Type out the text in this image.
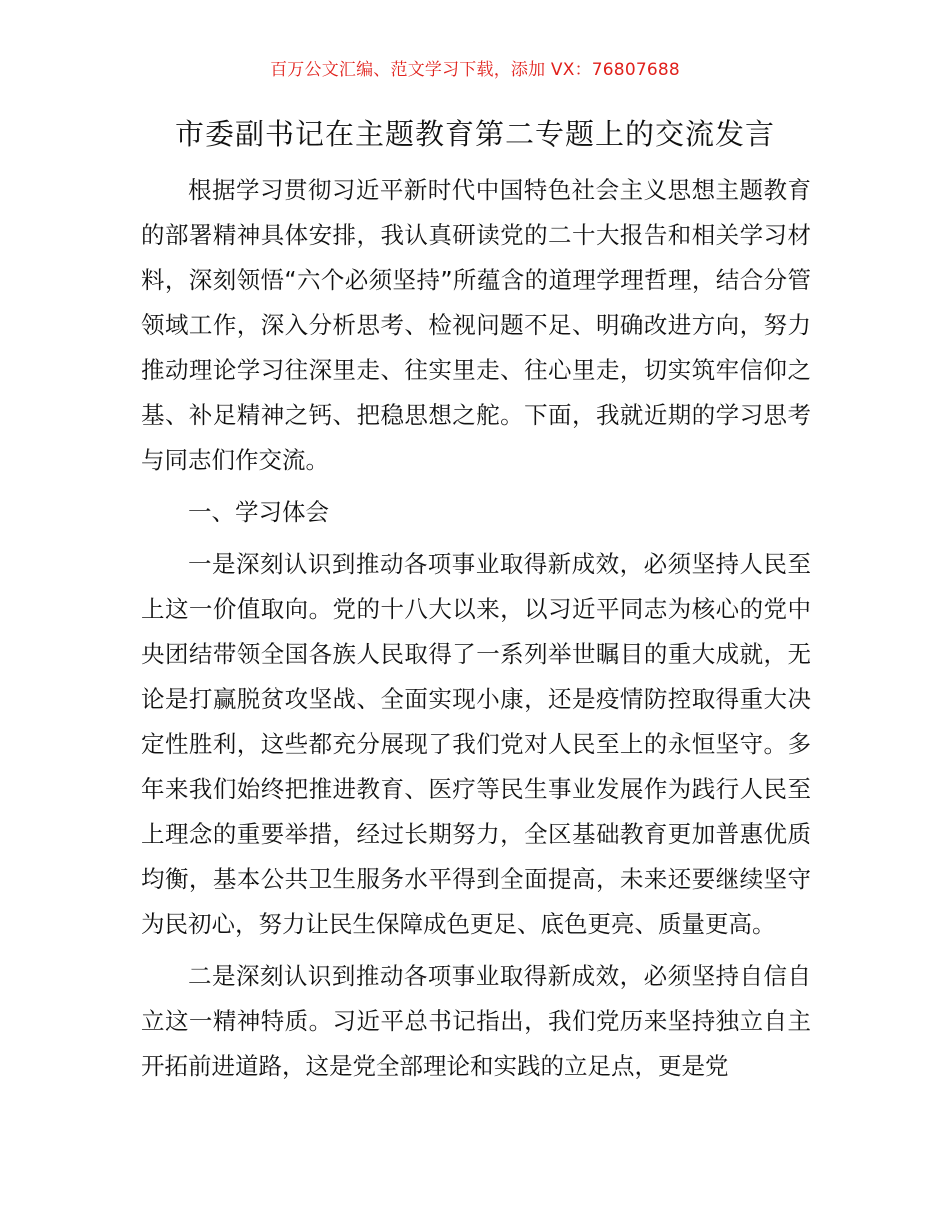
百万公文汇编、范文学习下载，添加 VX：76807688
市委副书记在主题教育第二专题上的交流发言

根据学习贯彻习近平新时代中国特色社会主义思想主题教育的部署精神具体安排，我认真研读党的二十大报告和相关学习材料，深刻领悟“六个必须坚持”所蕴含的道理学理哲理，结合分管领域工作，深入分析思考、检视问题不足、明确改进方向，努力推动理论学习往深里走、往实里走、往心里走，切实筑牢信仰之基、补足精神之钙、把稳思想之舵。下面，我就近期的学习思考与同志们作交流。

一、学习体会

一是深刻认识到推动各项事业取得新成效，必须坚持人民至上这一价值取向。党的十八大以来，以习近平同志为核心的党中央团结带领全国各族人民取得了一系列举世瞩目的重大成就，无论是打赢脱贫攻坚战、全面实现小康，还是疫情防控取得重大决定性胜利，这些都充分展现了我们党对人民至上的永恒坚守。多年来我们始终把推进教育、医疗等民生事业发展作为践行人民至上理念的重要举措，经过长期努力，全区基础教育更加普惠优质均衡，基本公共卫生服务水平得到全面提高，未来还要继续坚守为民初心，努力让民生保障成色更足、底色更亮、质量更高。

二是深刻认识到推动各项事业取得新成效，必须坚持自信自立这一精神特质。习近平总书记指出，我们党历来坚持独立自主开拓前进道路，这是党全部理论和实践的立足点，更是党
